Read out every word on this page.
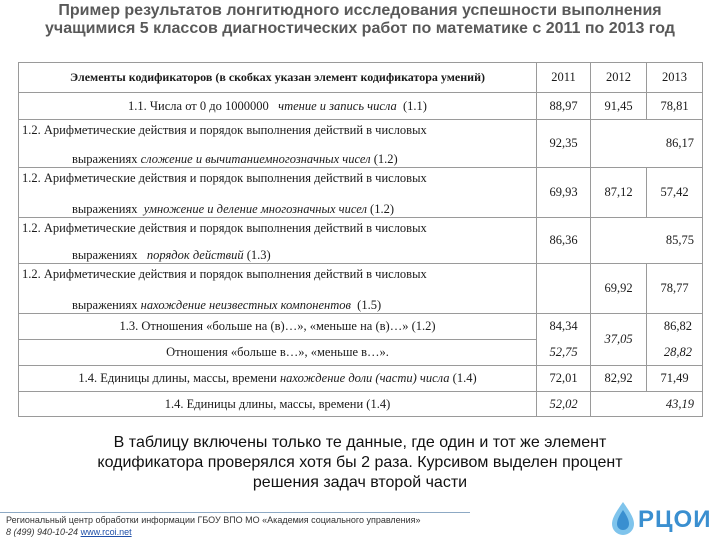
Пример результатов лонгитюдного исследования успешности выполнения
учащимися 5 классов диагностических работ по математике с 2011 по 2013 год
Элементы кодификаторов (в скобках указан элемент кодификатора умений)	2011	2012	2013
1.1. Числа от 0 до 1000000 чтение и запись числа (1.1)	88,97	91,45	78,81

1.2. Арифметические действия и порядок выполнения действий в числовых
выражениях сложение и вычитаниемногозначных чисел (1.2)	92,35	86,17	

1.2. Арифметические действия и порядок выполнения действий в числовых
выражениях умножение и деление многозначных чисел (1.2)	69,93	87,12	57,42

1.2. Арифметические действия и порядок выполнения действий в числовых
выражениях порядок действий (1.3)	86,36	85,75	

1.2. Арифметические действия и порядок выполнения действий в числовых
выражениях нахождение неизвестных компонентов (1.5)		69,92	78,77
1.3. Отношения «больше на (в)…», «меньше на (в)…» (1.2)	84,34	37,05	86,82
Отношения «больше в…», «меньше в…».	52,75		28,82
1.4. Единицы длины, массы, времени нахождение доли (части) числа (1.4)	72,01	82,92	71,49
1.4. Единицы длины, массы, времени (1.4)	52,02	43,19	
В таблицу включены только те данные, где один и тот же элемент
кодификатора проверялся хотя бы 2 раза. Курсивом выделен процент
решения задач второй части
Региональный центр обработки информации ГБОУ ВПО МО «Академия социального управления»
8 (499) 940-10-24 www.rcoi.net	РЦОИ
